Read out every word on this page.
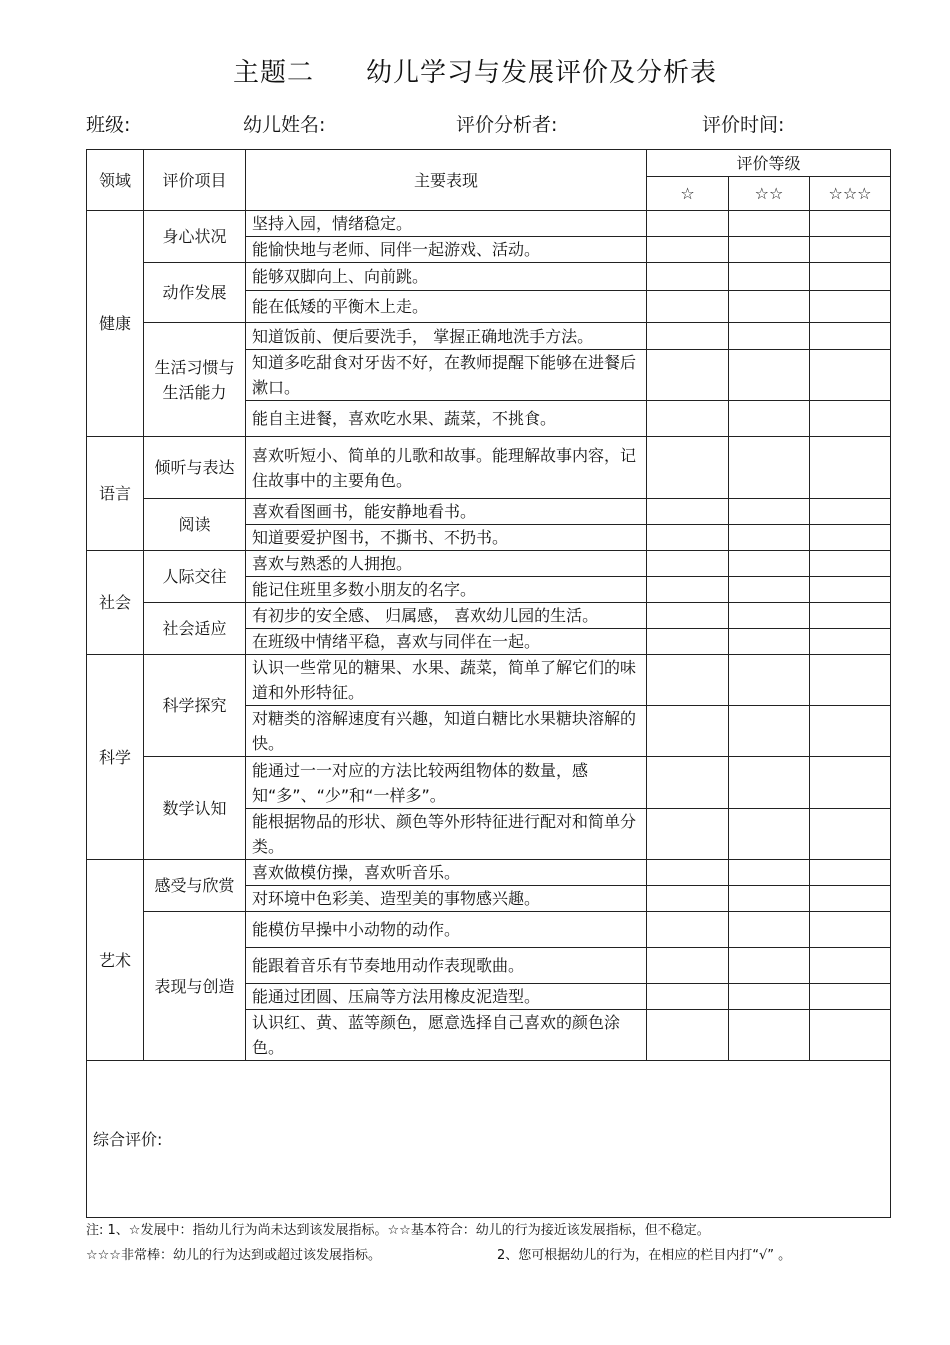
主题二 幼儿学习与发展评价及分析表
班级:	幼儿姓名:	评价分析者:	评价时间:
领域	评价项目	主要表现	评价等级		
			☆	☆☆	☆☆☆
健康	身心状况	坚持入园，情绪稳定。			
		能愉快地与老师、同伴一起游戏、活动。			
	动作发展	能够双脚向上、向前跳。			
		能在低矮的平衡木上走。			
	生活习惯与生活能力	知道饭前、便后要洗手， 掌握正确地洗手方法。			
		知道多吃甜食对牙齿不好，在教师提醒下能够在进餐后漱口。			
		能自主进餐，喜欢吃水果、蔬菜，不挑食。			
语言	倾听与表达	喜欢听短小、简单的儿歌和故事。能理解故事内容，记住故事中的主要角色。			
	阅读	喜欢看图画书，能安静地看书。			
		知道要爱护图书，不撕书、不扔书。			
社会	人际交往	喜欢与熟悉的人拥抱。			
		能记住班里多数小朋友的名字。			
	社会适应	有初步的安全感、 归属感， 喜欢幼儿园的生活。			
		在班级中情绪平稳，喜欢与同伴在一起。			
科学	科学探究	认识一些常见的糖果、水果、蔬菜，简单了解它们的味道和外形特征。			
		对糖类的溶解速度有兴趣，知道白糖比水果糖块溶解的快。			
	数学认知	能通过一一对应的方法比较两组物体的数量，感知“多”、“少”和“一样多”。			
		能根据物品的形状、颜色等外形特征进行配对和简单分类。			
艺术	感受与欣赏	喜欢做模仿操，喜欢听音乐。			
		对环境中色彩美、造型美的事物感兴趣。			
	表现与创造	能模仿早操中小动物的动作。			
		能跟着音乐有节奏地用动作表现歌曲。			
		能通过团圆、压扁等方法用橡皮泥造型。			
		认识红、黄、蓝等颜色，愿意选择自己喜欢的颜色涂色。			
综合评价:					
注: 1、☆发展中：指幼儿行为尚未达到该发展指标。☆☆基本符合：幼儿的行为接近该发展指标，但不稳定。
☆☆☆非常棒：幼儿的行为达到或超过该发展指标。	2、您可根据幼儿的行为，在相应的栏目内打“√” 。
